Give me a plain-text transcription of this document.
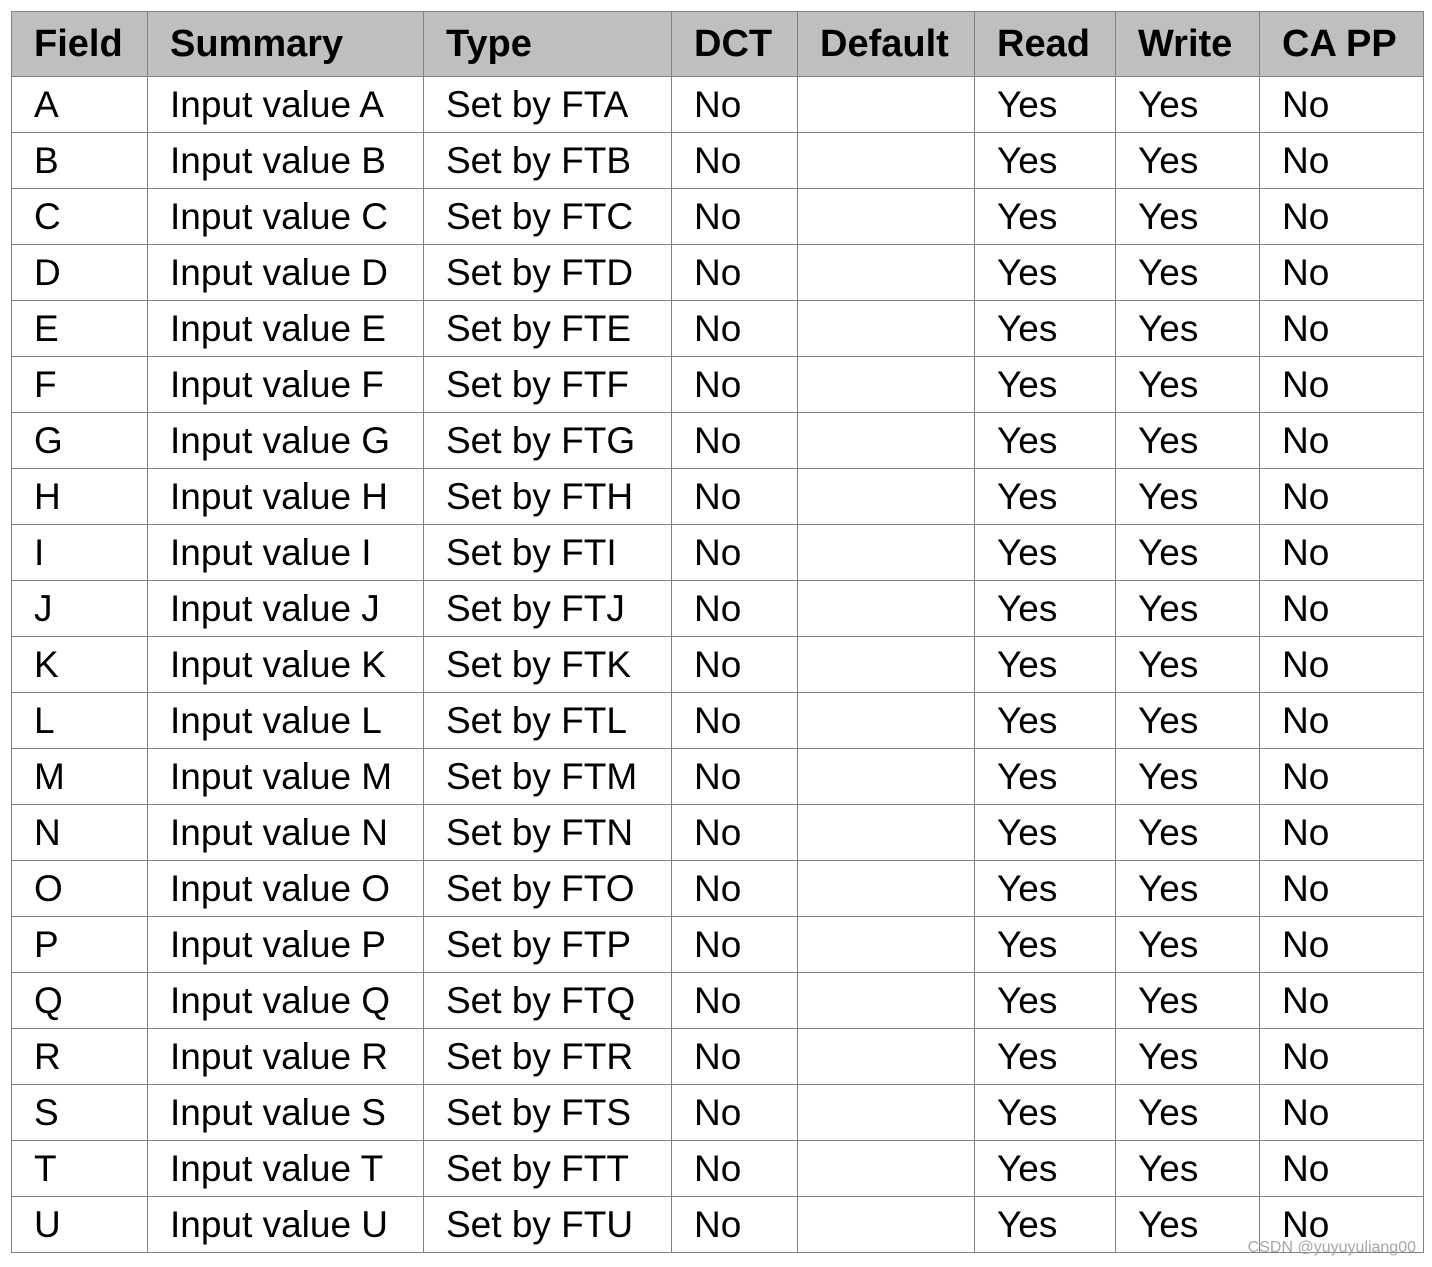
Field	Summary	Type	DCT	Default	Read	Write	CA PP
A	Input value A	Set by FTA	No		Yes	Yes	No
B	Input value B	Set by FTB	No		Yes	Yes	No
C	Input value C	Set by FTC	No		Yes	Yes	No
D	Input value D	Set by FTD	No		Yes	Yes	No
E	Input value E	Set by FTE	No		Yes	Yes	No
F	Input value F	Set by FTF	No		Yes	Yes	No
G	Input value G	Set by FTG	No		Yes	Yes	No
H	Input value H	Set by FTH	No		Yes	Yes	No
I	Input value I	Set by FTI	No		Yes	Yes	No
J	Input value J	Set by FTJ	No		Yes	Yes	No
K	Input value K	Set by FTK	No		Yes	Yes	No
L	Input value L	Set by FTL	No		Yes	Yes	No
M	Input value M	Set by FTM	No		Yes	Yes	No
N	Input value N	Set by FTN	No		Yes	Yes	No
O	Input value O	Set by FTO	No		Yes	Yes	No
P	Input value P	Set by FTP	No		Yes	Yes	No
Q	Input value Q	Set by FTQ	No		Yes	Yes	No
R	Input value R	Set by FTR	No		Yes	Yes	No
S	Input value S	Set by FTS	No		Yes	Yes	No
T	Input value T	Set by FTT	No		Yes	Yes	No
U	Input value U	Set by FTU	No		Yes	Yes	No
CSDN @yuyuyuliang00
